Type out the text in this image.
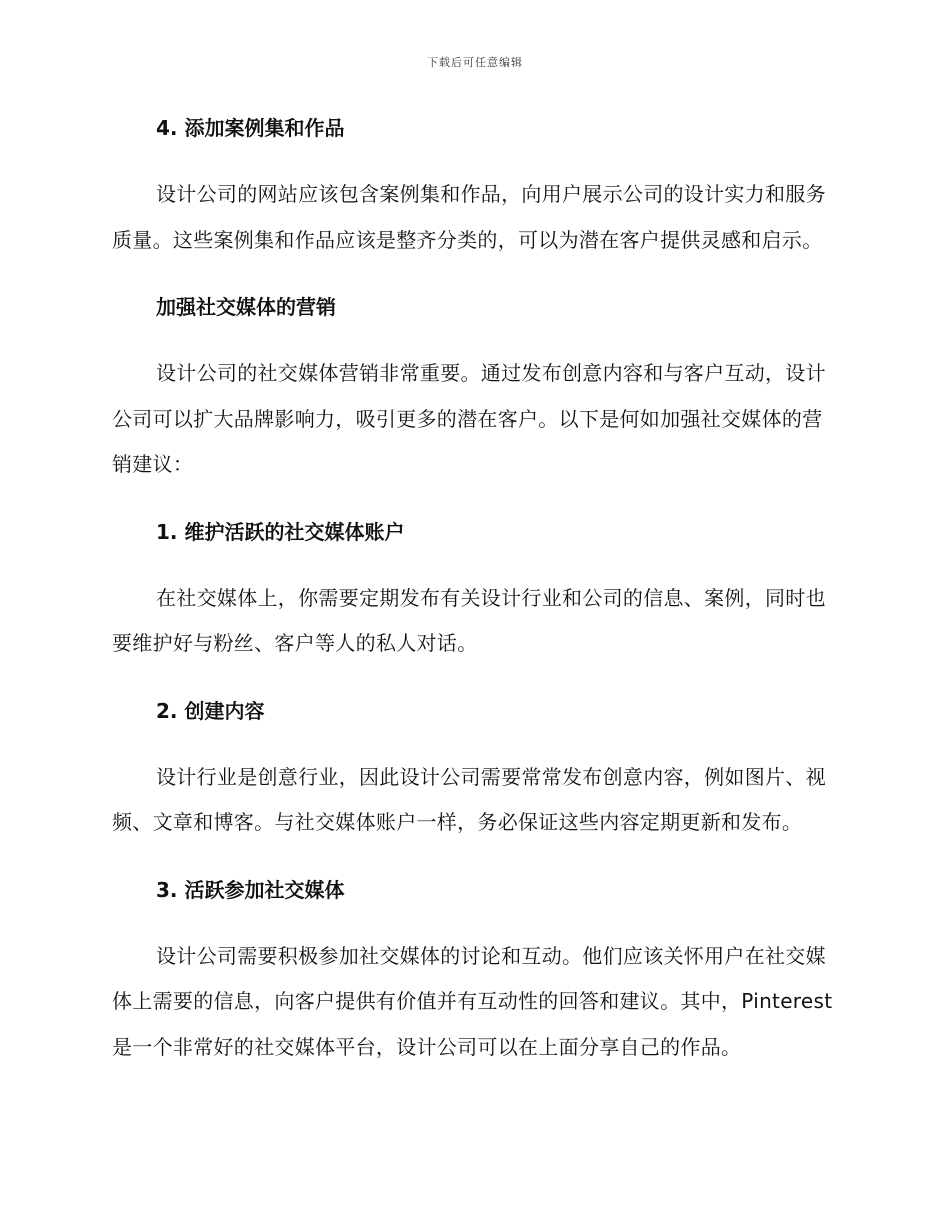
下载后可任意编辑
4. 添加案例集和作品

设计公司的网站应该包含案例集和作品，向用户展示公司的设计实力和服务质量。这些案例集和作品应该是整齐分类的，可以为潜在客户提供灵感和启示。

加强社交媒体的营销

设计公司的社交媒体营销非常重要。通过发布创意内容和与客户互动，设计公司可以扩大品牌影响力，吸引更多的潜在客户。以下是何如加强社交媒体的营销建议：

1. 维护活跃的社交媒体账户

在社交媒体上，你需要定期发布有关设计行业和公司的信息、案例，同时也要维护好与粉丝、客户等人的私人对话。

2. 创建内容

设计行业是创意行业，因此设计公司需要常常发布创意内容，例如图片、视频、文章和博客。与社交媒体账户一样，务必保证这些内容定期更新和发布。

3. 活跃参加社交媒体

设计公司需要积极参加社交媒体的讨论和互动。他们应该关怀用户在社交媒体上需要的信息，向客户提供有价值并有互动性的回答和建议。其中，Pinterest 是一个非常好的社交媒体平台，设计公司可以在上面分享自己的作品。
